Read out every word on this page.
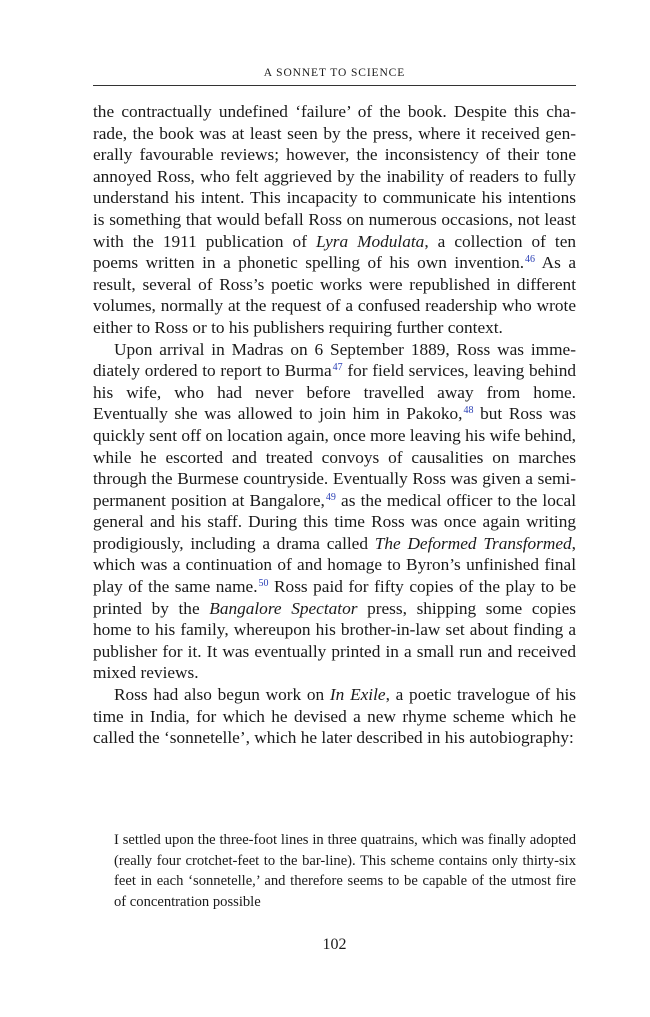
A SONNET TO SCIENCE

the contractually undefined ‘failure’ of the book. Despite this charade, the book was at least seen by the press, where it received generally favourable reviews; however, the inconsistency of their tone annoyed Ross, who felt aggrieved by the inability of readers to fully understand his intent. This incapacity to communicate his intentions is something that would befall Ross on numerous occasions, not least with the 1911 publication of Lyra Modulata, a collection of ten poems written in a phonetic spelling of his own invention.$^{46}$ As a result, several of Ross’s poetic works were republished in different volumes, normally at the request of a confused readership who wrote either to Ross or to his publishers requiring further context.

Upon arrival in Madras on 6 September 1889, Ross was immediately ordered to report to Burma$^{47}$ for field services, leaving behind his wife, who had never before travelled away from home. Eventually she was allowed to join him in Pakoko,$^{48}$ but Ross was quickly sent off on location again, once more leaving his wife behind, while he escorted and treated convoys of causalities on marches through the Burmese countryside. Eventually Ross was given a semi-permanent position at Bangalore,$^{49}$ as the medical officer to the local general and his staff. During this time Ross was once again writing prodigiously, including a drama called The Deformed Transformed, which was a continuation of and homage to Byron’s unfinished final play of the same name.$^{50}$ Ross paid for fifty copies of the play to be printed by the Bangalore Spectator press, shipping some copies home to his family, whereupon his brother-in-law set about finding a publisher for it. It was eventually printed in a small run and received mixed reviews.

Ross had also begun work on In Exile, a poetic travelogue of his time in India, for which he devised a new rhyme scheme which he called the ‘sonnetelle’, which he later described in his autobiography:

I settled upon the three-foot lines in three quatrains, which was finally adopted (really four crotchet-feet to the bar-line). This scheme contains only thirty-six feet in each ‘sonnetelle,’ and therefore seems to be capable of the utmost fire of concentration possible

102
